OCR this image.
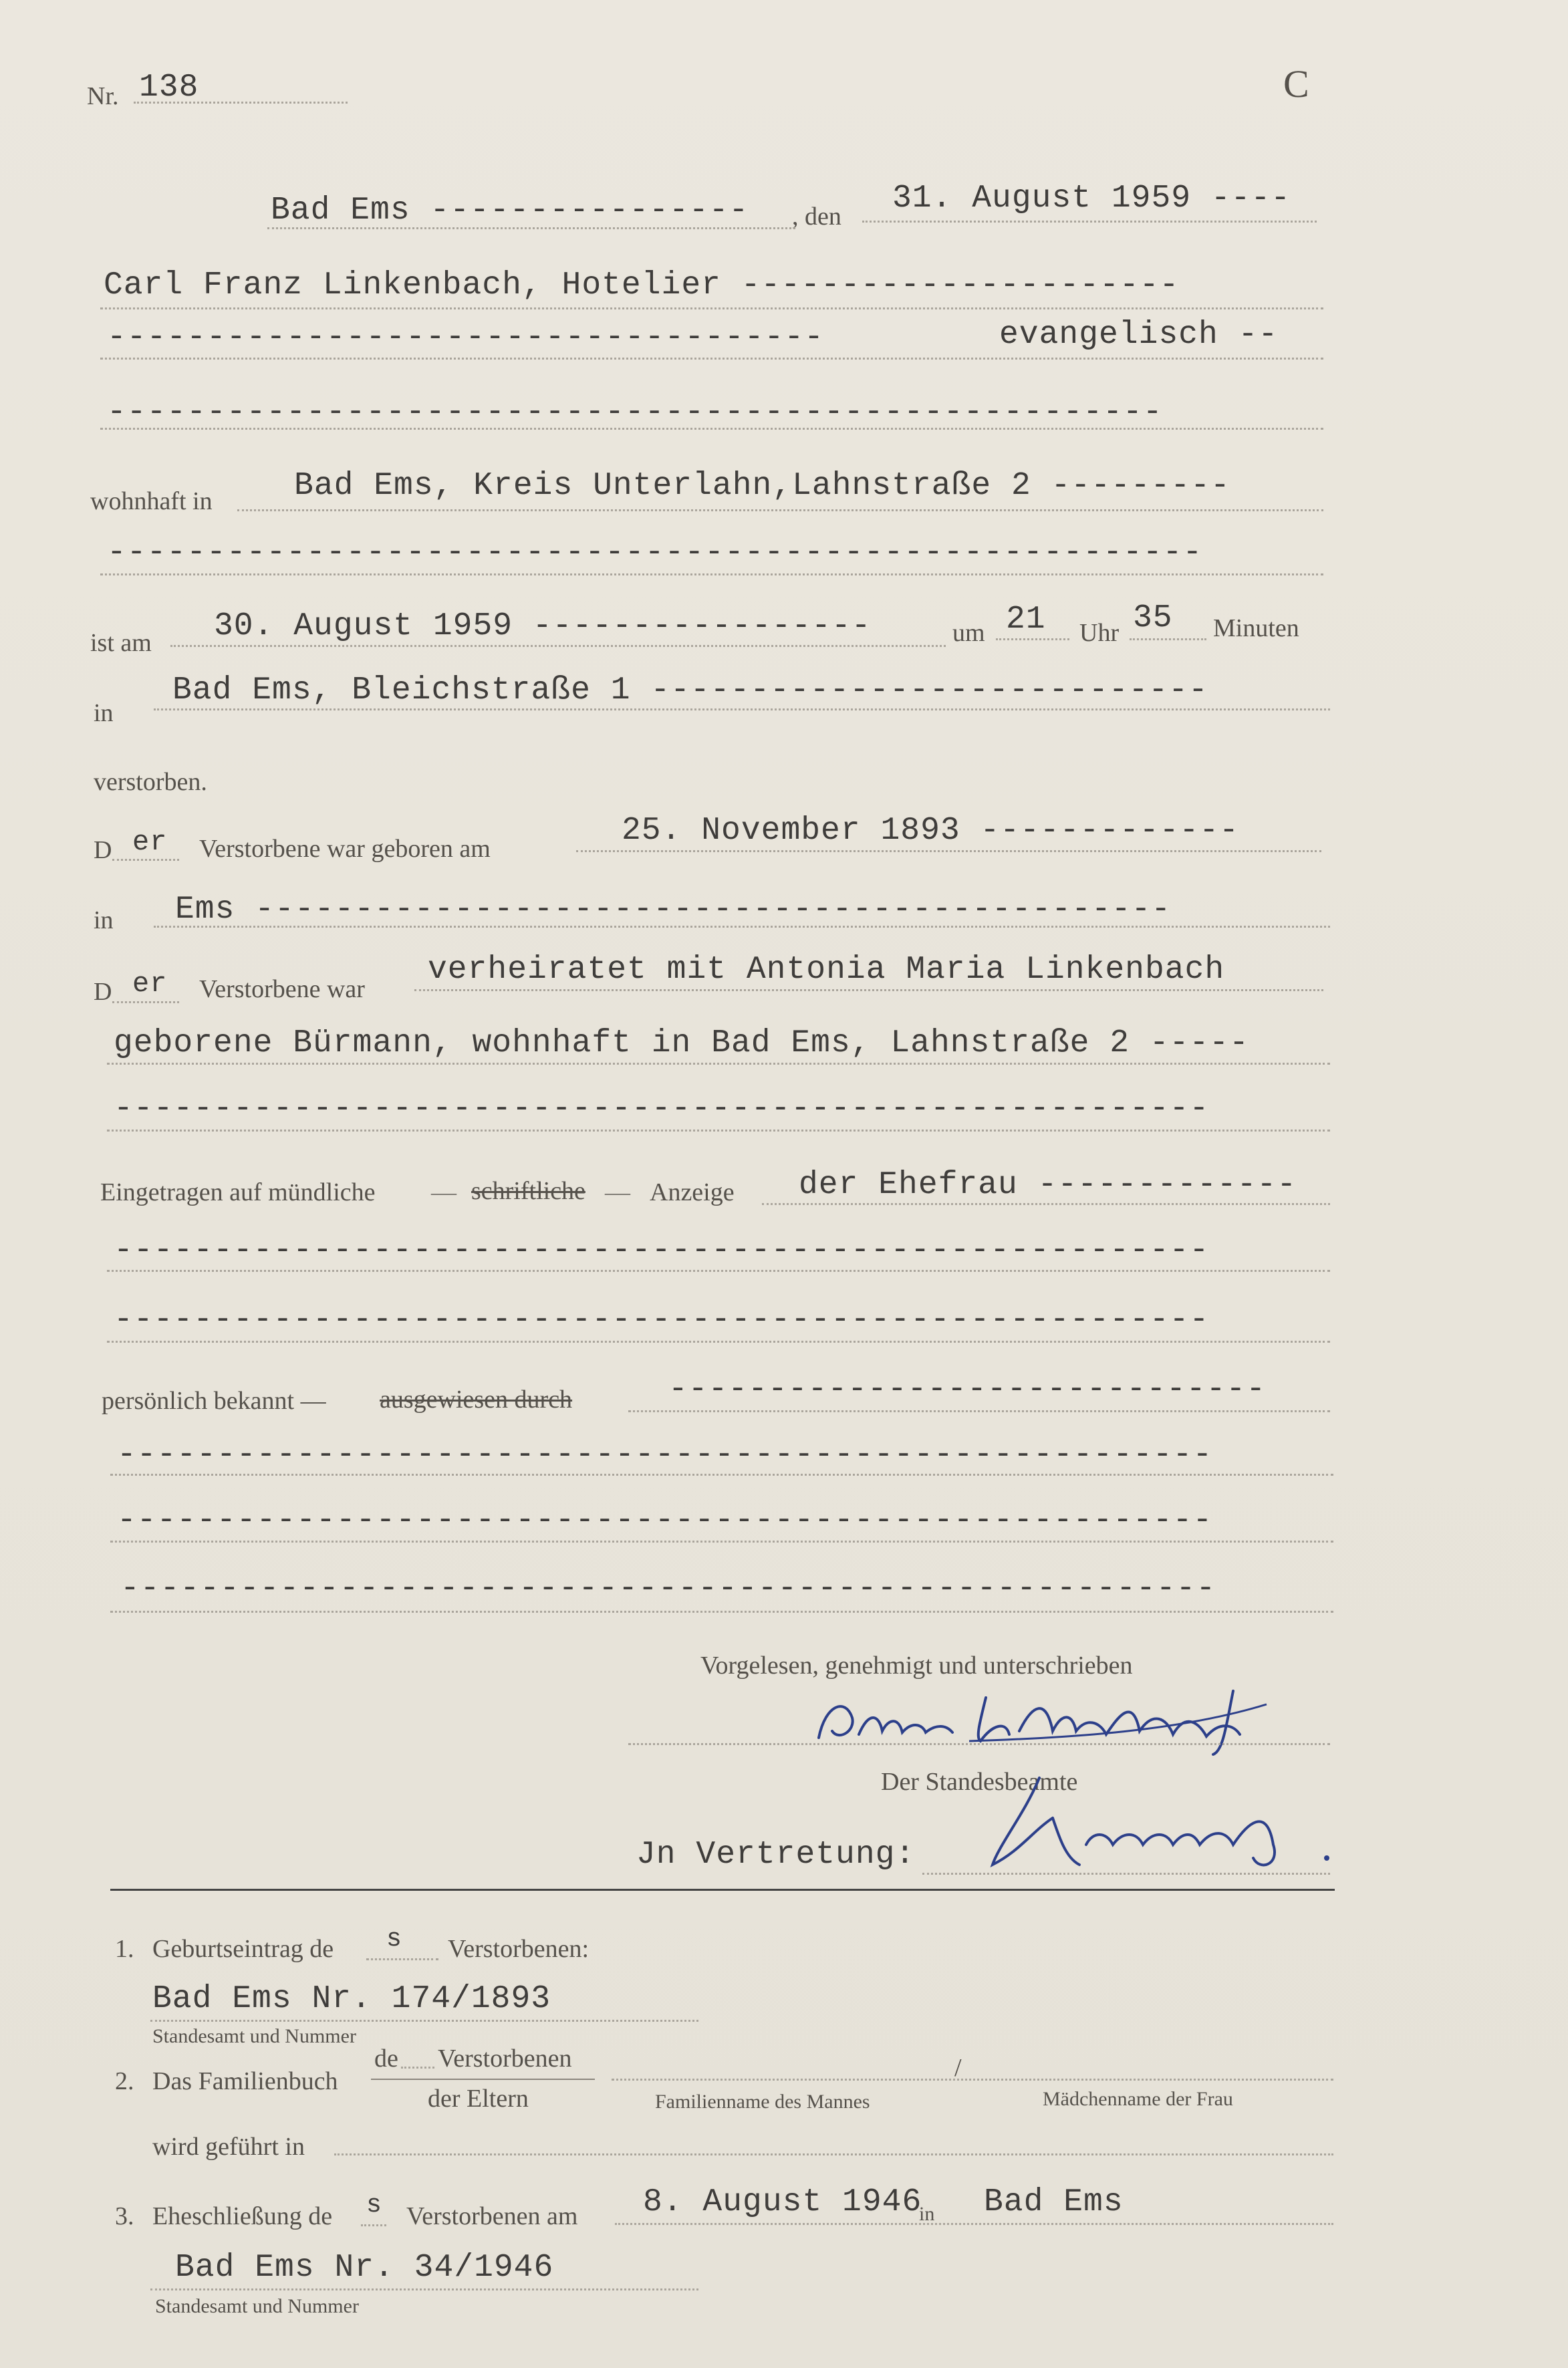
Nr. 138	C
Bad Ems ---------------- , den 31. August 1959 ----
Carl Franz Linkenbach, Hotelier ----------------------
------------------------------------	evangelisch --
-----------------------------------------------------
wohnhaft in	Bad Ems, Kreis Unterlahn,Lahnstraße 2 ---------
-------------------------------------------------------
ist am 30. August 1959 -----------------	um 21 Uhr 35 Minuten
in
Bad Ems, Bleichstraße 1 ----------------------------
verstorben.
D er Verstorbene war geboren am	25. November 1893 -------------
in Ems ----------------------------------------------
D er Verstorbene war
verheiratet mit Antonia Maria Linkenbach
geborene Bürmann, wohnhaft in Bad Ems, Lahnstraße 2 -----
-------------------------------------------------------
Eingetragen auf mündliche — schriftliche — Anzeige der Ehefrau -------------
-------------------------------------------------------
-------------------------------------------------------
persönlich bekannt — ausgewiesen durch	------------------------------
-------------------------------------------------------
-------------------------------------------------------
-------------------------------------------------------
Vorgelesen, genehmigt und unterschrieben
Der Standesbeamte
Jn Vertretung:
1. Geburtseintrag de s Verstorbenen:
Bad Ems Nr. 174/1893
Standesamt und Nummer
2. Das Familienbuch
de Verstorbenen
der Eltern
/
Familienname des Mannes	Mädchenname der Frau
wird geführt in
3. Eheschließung de s Verstorbenen am 8. August 1946
in Bad Ems
Bad Ems Nr. 34/1946
Standesamt und Nummer
